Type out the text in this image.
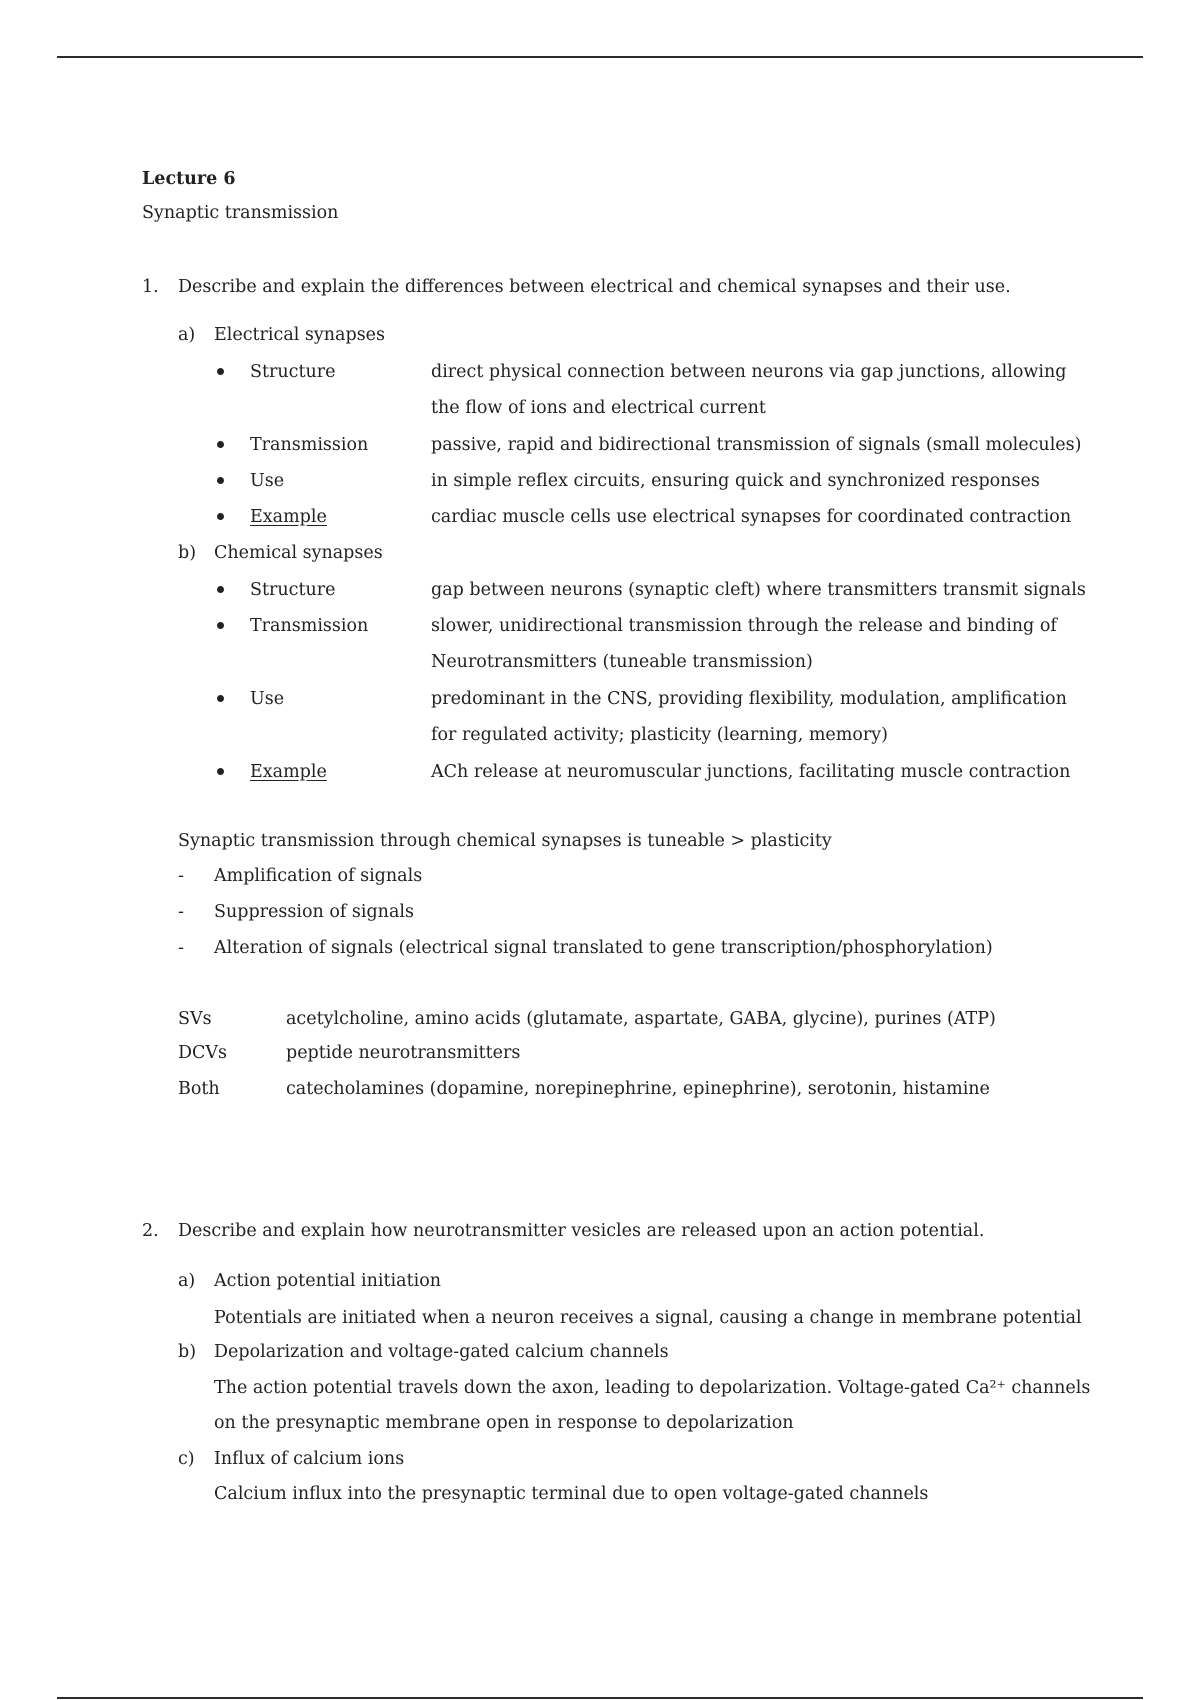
Lecture 6
Synaptic transmission
1. Describe and explain the differences between electrical and chemical synapses and their use.
a) Electrical synapses
Structure	direct physical connection between neurons via gap junctions, allowing
the flow of ions and electrical current
Transmission	passive, rapid and bidirectional transmission of signals (small molecules)
Use	in simple reflex circuits, ensuring quick and synchronized responses
Example	cardiac muscle cells use electrical synapses for coordinated contraction
b) Chemical synapses
Structure	gap between neurons (synaptic cleft) where transmitters transmit signals
Transmission	slower, unidirectional transmission through the release and binding of
Neurotransmitters (tuneable transmission)
Use	predominant in the CNS, providing flexibility, modulation, amplification
for regulated activity; plasticity (learning, memory)
Example	ACh release at neuromuscular junctions, facilitating muscle contraction
Synaptic transmission through chemical synapses is tuneable > plasticity
- Amplification of signals
- Suppression of signals
- Alteration of signals (electrical signal translated to gene transcription/phosphorylation)
SVs	acetylcholine, amino acids (glutamate, aspartate, GABA, glycine), purines (ATP)
DCVs	peptide neurotransmitters
Both	catecholamines (dopamine, norepinephrine, epinephrine), serotonin, histamine
2. Describe and explain how neurotransmitter vesicles are released upon an action potential.
a) Action potential initiation
Potentials are initiated when a neuron receives a signal, causing a change in membrane potential
b) Depolarization and voltage-gated calcium channels
The action potential travels down the axon, leading to depolarization. Voltage-gated Ca²⁺ channels
on the presynaptic membrane open in response to depolarization
c) Influx of calcium ions
Calcium influx into the presynaptic terminal due to open voltage-gated channels
